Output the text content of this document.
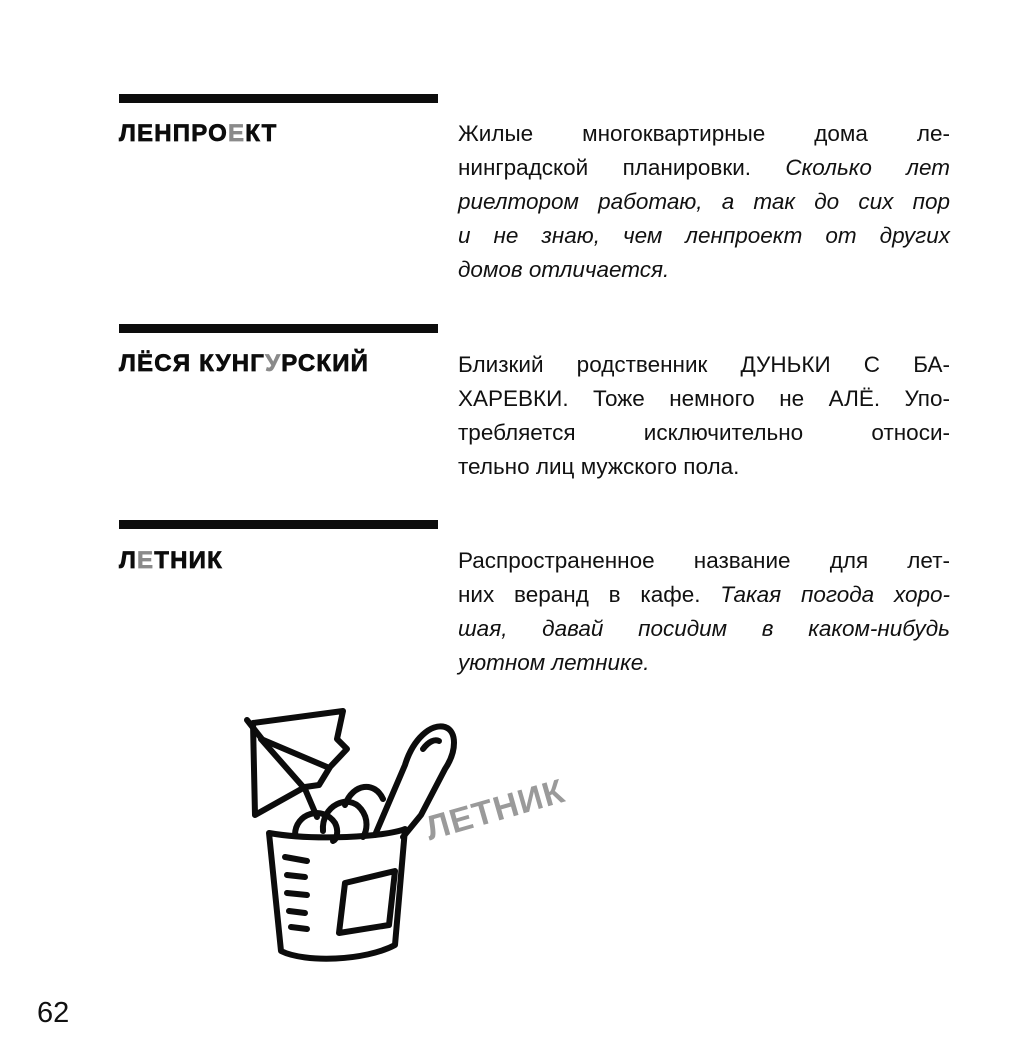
ЛЕНПРОЕКТ	Жилые многоквартирные дома ле-
нинградской планировки. Сколько лет
риелтором работаю, а так до сих пор
и не знаю, чем ленпроект от других
домов отличается.
ЛЁСЯ КУНГУРСКИЙ	Близкий родственник ДУНЬКИ С БА-
ХАРЕВКИ. Тоже немного не АЛЁ. Упо-
требляется исключительно относи-
тельно лиц мужского пола.
ЛЕТНИК	Распространенное название для лет-
них веранд в кафе. Такая погода хоро-
шая, давай посидим в каком-нибудь
уютном летнике.
ЛЕТНИК
62
